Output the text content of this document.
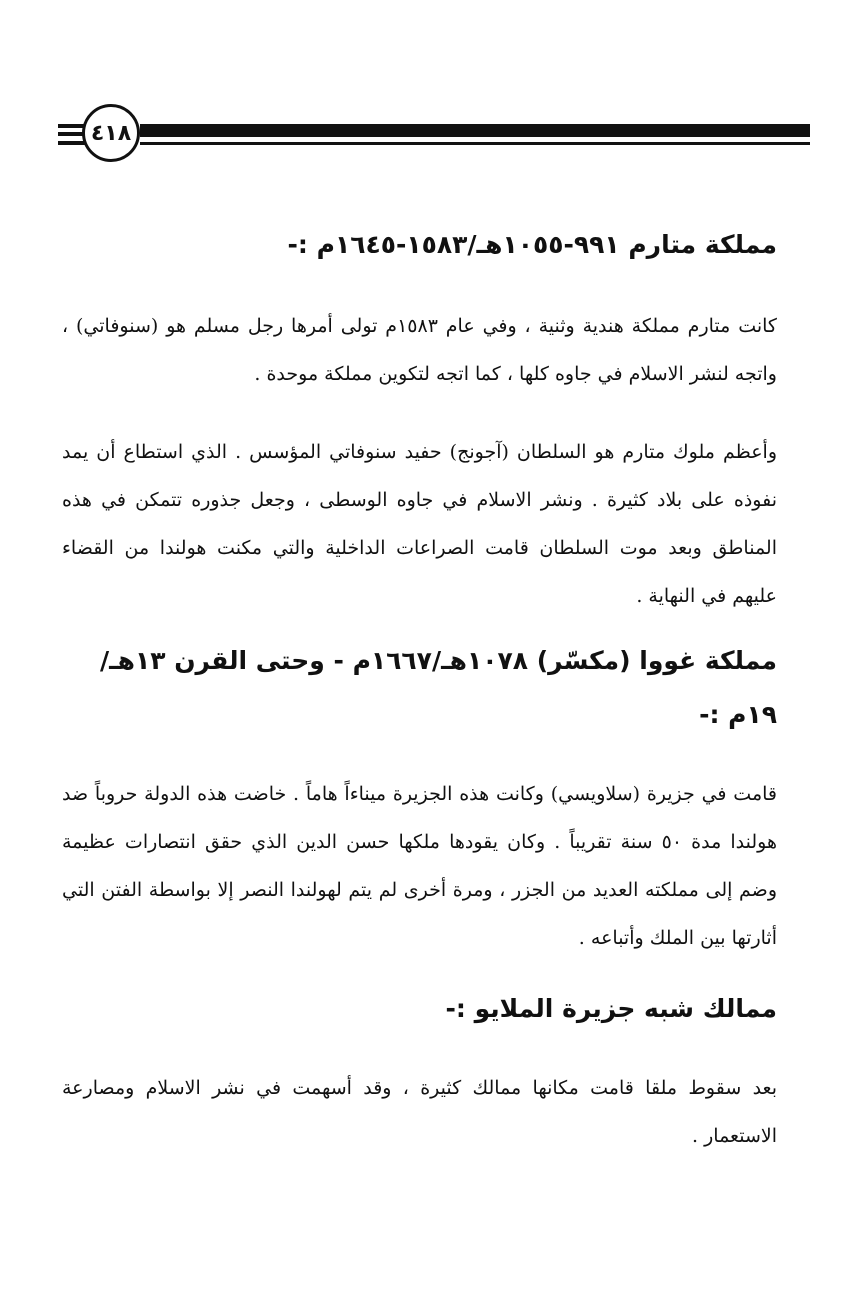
٤١٨
مملكة متارم ٩٩١-١٠٥٥هـ/١٥٨٣-١٦٤٥م :-

كانت متارم مملكة هندية وثنية ، وفي عام ١٥٨٣م تولى أمرها رجل مسلم هو (سنوفاتي) ، واتجه لنشر الاسلام في جاوه كلها ، كما اتجه لتكوين مملكة موحدة .

وأعظم ملوك متارم هو السلطان (آجونج) حفيد سنوفاتي المؤسس . الذي استطاع أن يمد نفوذه على بلاد كثيرة . ونشر الاسلام في جاوه الوسطى ، وجعل جذوره تتمكن في هذه المناطق وبعد موت السلطان قامت الصراعات الداخلية والتي مكنت هولندا من القضاء عليهم في النهاية .

مملكة غووا (مكسّر) ١٠٧٨هـ/١٦٦٧م - وحتى القرن ١٣هـ/١٩م :-

قامت في جزيرة (سلاويسي) وكانت هذه الجزيرة ميناءاً هاماً . خاضت هذه الدولة حروباً ضد هولندا مدة ٥٠ سنة تقريباً . وكان يقودها ملكها حسن الدين الذي حقق انتصارات عظيمة وضم إلى مملكته العديد من الجزر ، ومرة أخرى لم يتم لهولندا النصر إلا بواسطة الفتن التي أثارتها بين الملك وأتباعه .

ممالك شبه جزيرة الملايو :-

بعد سقوط ملقا قامت مكانها ممالك كثيرة ، وقد أسهمت في نشر الاسلام ومصارعة الاستعمار .
